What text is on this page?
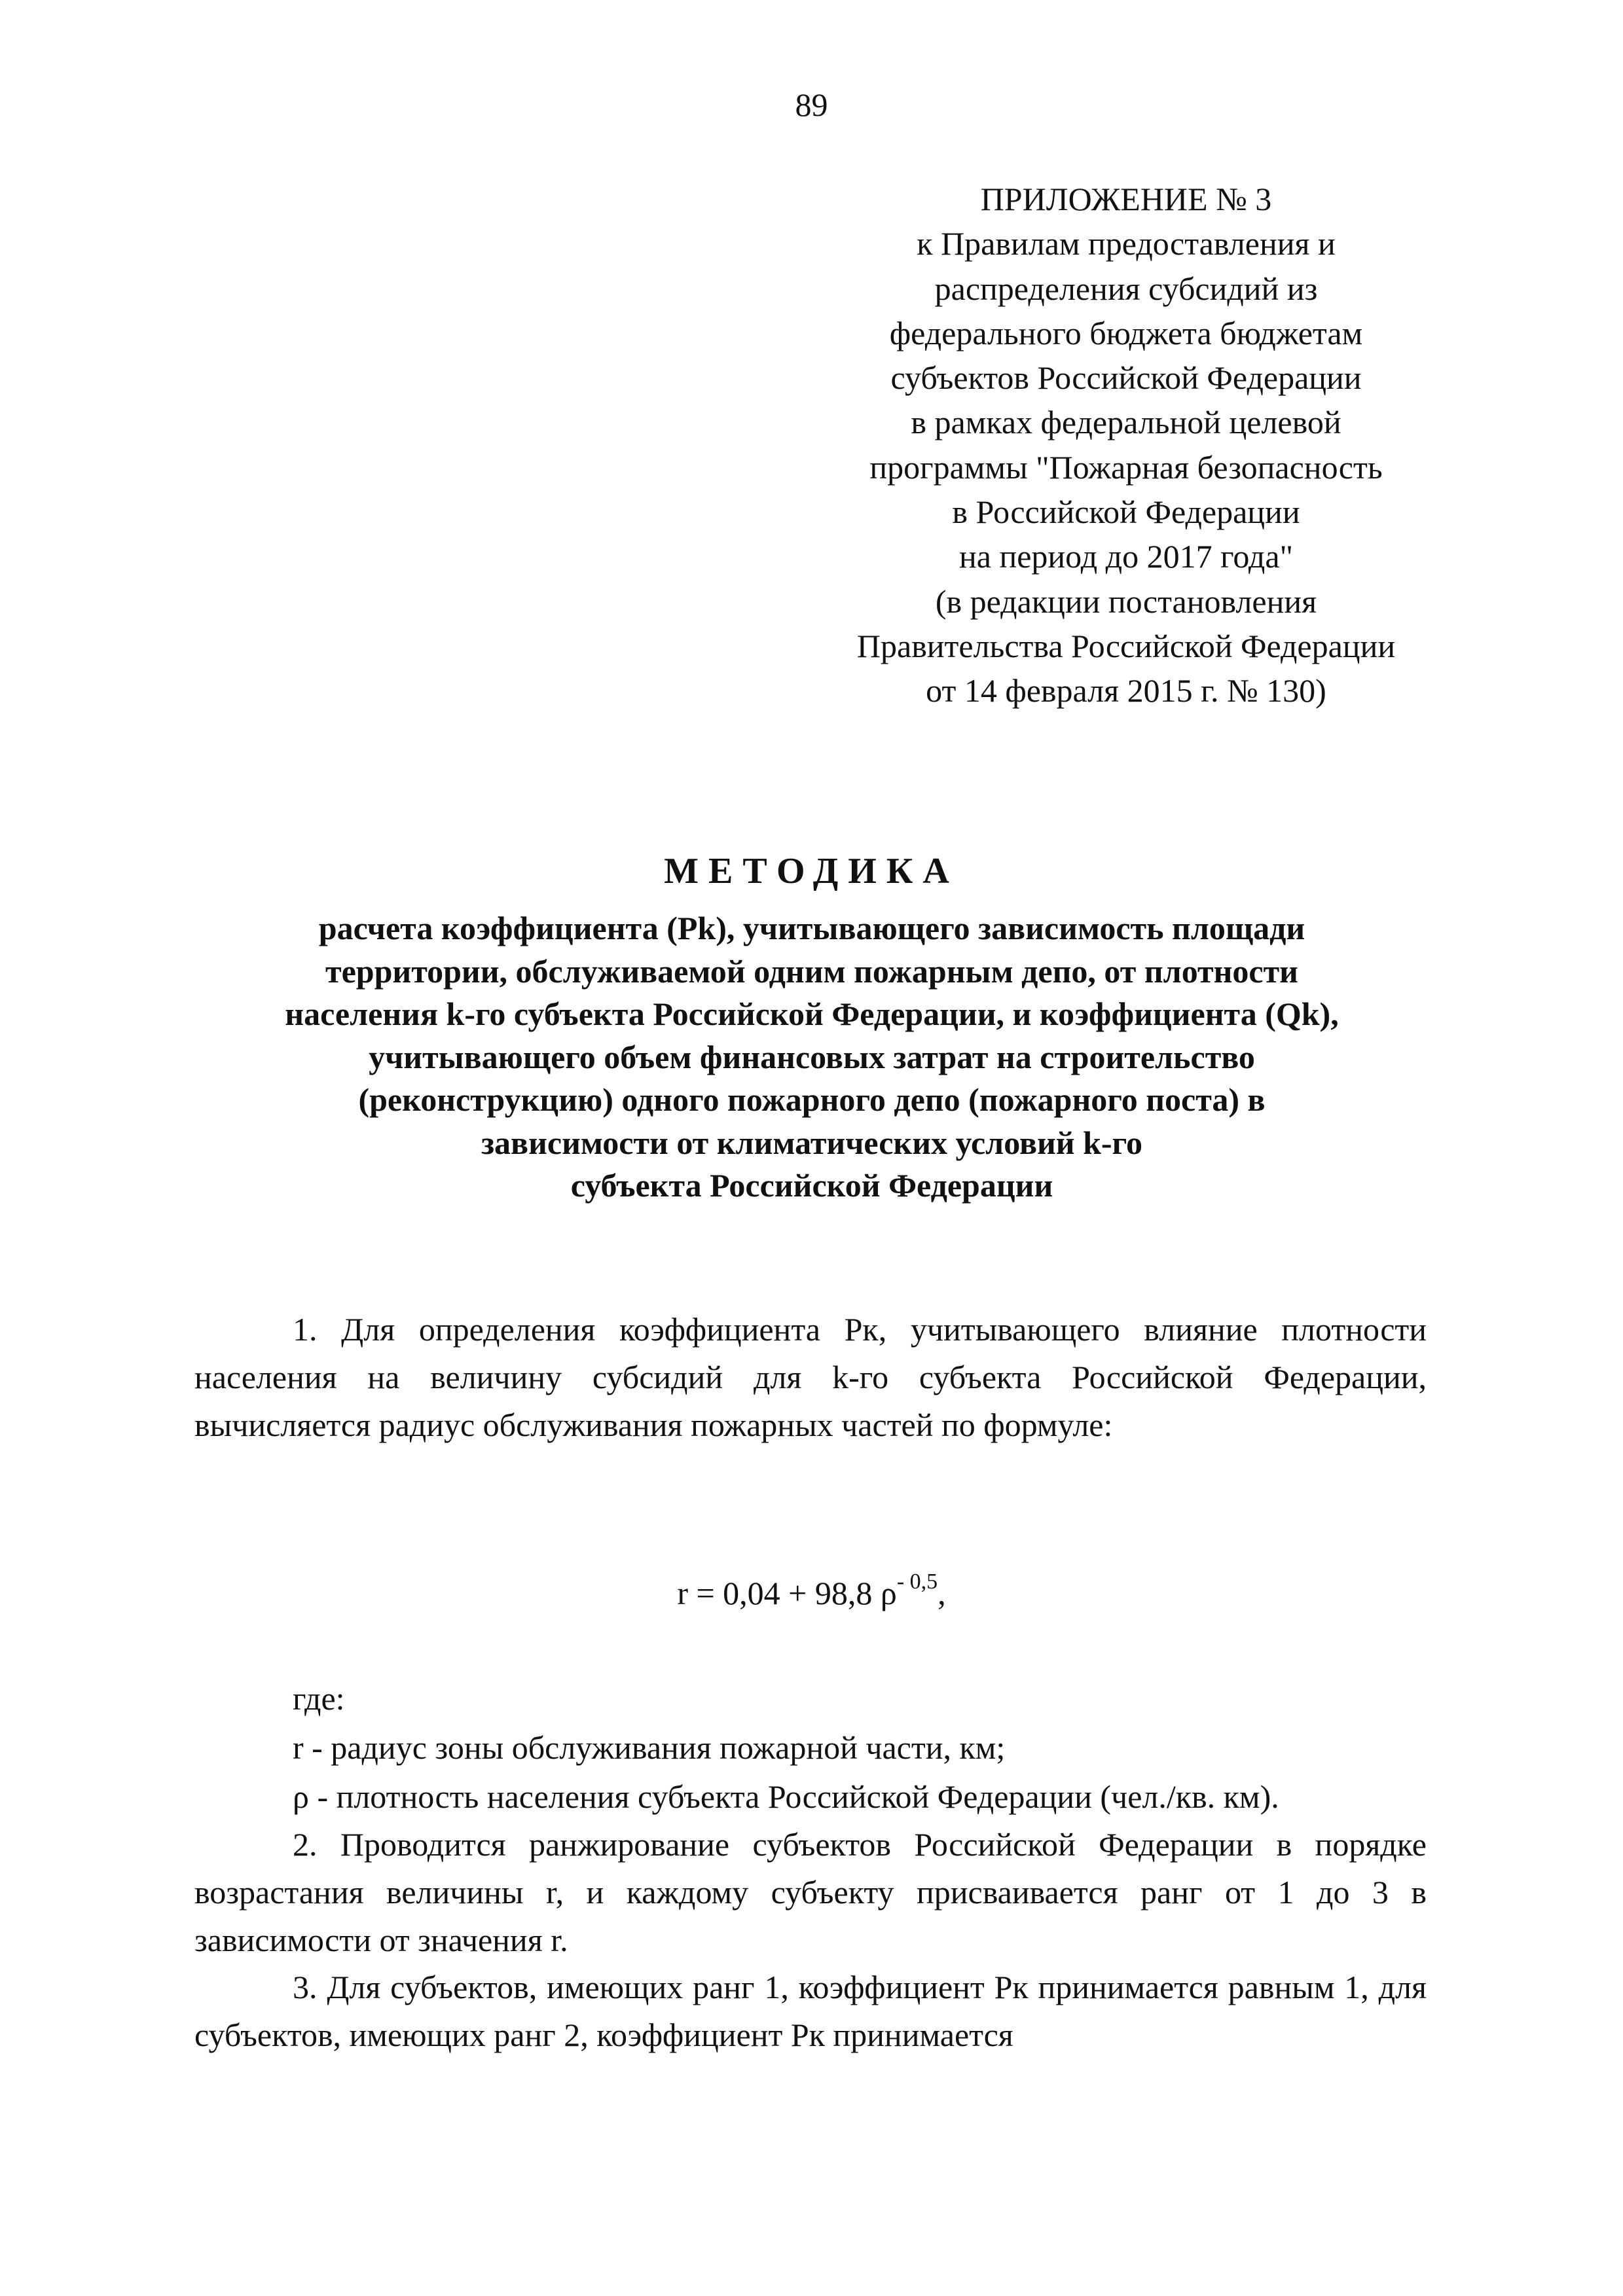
89
ПРИЛОЖЕНИЕ № 3
к Правилам предоставления и
распределения субсидий из
федерального бюджета бюджетам
субъектов Российской Федерации
в рамках федеральной целевой
программы "Пожарная безопасность
в Российской Федерации
на период до 2017 года"
(в редакции постановления
Правительства Российской Федерации
от 14 февраля 2015 г. № 130)
МЕТОДИКА
расчета коэффициента (Pk), учитывающего зависимость площади
территории, обслуживаемой одним пожарным депо, от плотности
населения k-го субъекта Российской Федерации, и коэффициента (Qk),
учитывающего объем финансовых затрат на строительство
(реконструкцию) одного пожарного депо (пожарного поста) в
зависимости от климатических условий k-го
субъекта Российской Федерации

1. Для определения коэффициента Pк, учитывающего влияние плотности населения на величину субсидий для k-го субъекта Российской Федерации, вычисляется радиус обслуживания пожарных частей по формуле:

r = 0,04 + 98,8 $\rho^{- 0,5}$,
где:
r - радиус зоны обслуживания пожарной части, км;
ρ - плотность населения субъекта Российской Федерации (чел./кв. км).

2. Проводится ранжирование субъектов Российской Федерации в порядке возрастания величины r, и каждому субъекту присваивается ранг от 1 до 3 в зависимости от значения r.

3. Для субъектов, имеющих ранг 1, коэффициент Pк принимается равным 1, для субъектов, имеющих ранг 2, коэффициент Pк принимается
